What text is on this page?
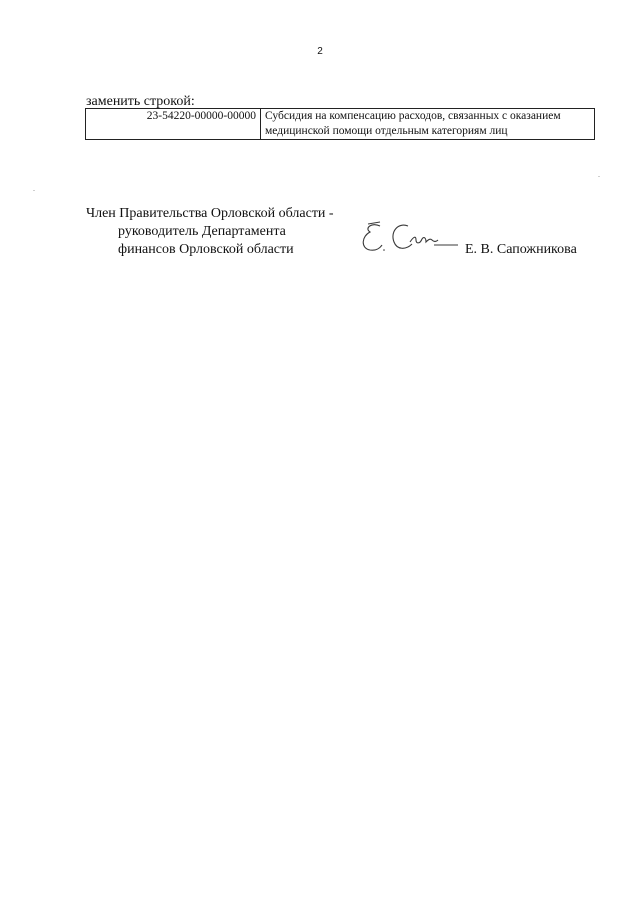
2
заменить строкой:
23-54220-00000-00000	Субсидия на компенсацию расходов, связанных с оказанием медицинской помощи отдельным категориям лиц
Член Правительства Орловской области -
руководитель Департамента
финансов Орловской области	Е. В. Сапожникова
